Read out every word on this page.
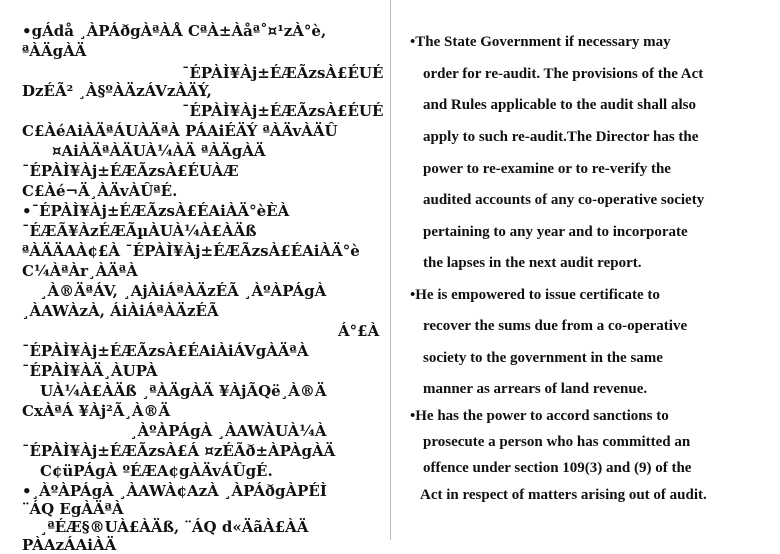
•gÁdå ¸ÀPÁðgÀªÀÅ CªÀ±Àåª˚¤¹zÀ°è,
ªÀÄgÀÄ
¯ÉPÀÌ¥Àj±ÉÆÃzsÀ£ÉUÉ
DzÉÃ² ¸À§ºÀÄzÁVzÀÄÝ,
¯ÉPÀÌ¥Àj±ÉÆÃzsÀ£ÉUÉ
C£ÀéAiÀÄªÁUÀÄªÀ PÁAiÉÄÝ ªÀÄvÀÄÛ
¤AiÀÄªÀÄUÀ¼ÀÄ ªÀÄgÀÄ
¯ÉPÀÌ¥Àj±ÉÆÃzsÀ£ÉUÀÆ
C£Àé¬Ä¸ÀÄvÀÛªÉ.
•¯ÉPÀÌ¥Àj±ÉÆÃzsÀ£ÉAiÀÄ°èÈÀ
¯ÉÆÃ¥ÀzÉÆÃµÀUÀ¼À£ÀÄß
ªÀÄÄAÀ¢£À ¯ÉPÀÌ¥Àj±ÉÆÃzsÀ£ÉAiÀÄ°è
C¼ÀªÀr¸ÀÄªÀ
¸À®ÄªÁV, ¸AjÀiÁªÀÄzÉÃ ¸ÀºÀPÁgÀ
¸ÀAWÀzÀ, ÁiÀiÁªÀÄzÉÃ
Á°£À
¯ÉPÀÌ¥Àj±ÉÆÃzsÀ£ÉAiÀiÁVgÀÄªÀ
¯ÉPÀÌ¥ÀÄ¸ÀUPÀ
UÀ¼À£ÀÄß ¸ªÀÄgÀÄ ¥ÀjÃQë¸À®Ä
CxÀªÁ ¥Àj²Ã¸À®Ä
¸ÀºÀPÁgÀ ¸ÀAWÀUÀ¼À
¯ÉPÀÌ¥Àj±ÉÆÃzsÀ£Á ¤zÉÃð±ÀPÀgÀÄ
C¢üPÁgÀ ºÉÆA¢gÀÄvÁÛgÉ.
•¸ÀºÀPÁgÀ ¸ÀAWÀ¢AzÀ ¸ÀPÁðgÀPÉÌ
¨ÁQ EgÀÄªÀ
¸ªÉÆ§®UÀ£ÀÄß, ¨ÁQ d«ÄãÀ£ÀÄ
PÀAzÁAiÀÄ
•The State Government if necessary may
order for re-audit. The provisions of the Act
and Rules applicable to the audit shall also
apply to such re-audit.The Director has the
power to re-examine or to re-verify the
audited accounts of any co-operative society
pertaining to any year and to incorporate
the lapses in the next audit report.
•He is empowered to issue certificate to
recover the sums due from a co-operative
society to the government in the same
manner as arrears of land revenue.
•He has the power to accord sanctions to
prosecute a person who has committed an
offence under section 109(3) and (9) of the
Act in respect of matters arising out of audit.
